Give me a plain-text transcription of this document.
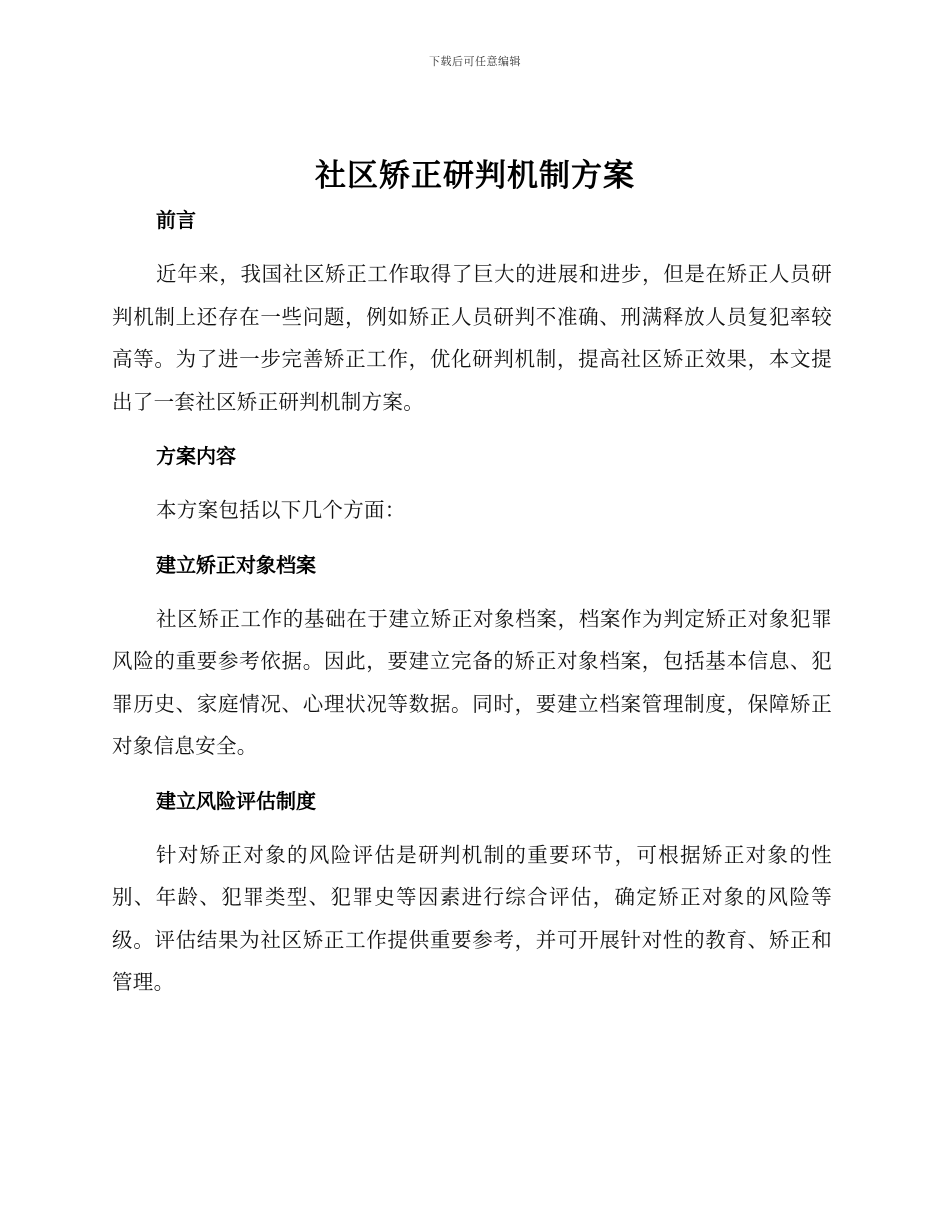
下载后可任意编辑
社区矫正研判机制方案

前言

近年来，我国社区矫正工作取得了巨大的进展和进步，但是在矫正人员研判机制上还存在一些问题，例如矫正人员研判不准确、刑满释放人员复犯率较高等。为了进一步完善矫正工作，优化研判机制，提高社区矫正效果，本文提出了一套社区矫正研判机制方案。

方案内容

本方案包括以下几个方面：

建立矫正对象档案

社区矫正工作的基础在于建立矫正对象档案，档案作为判定矫正对象犯罪风险的重要参考依据。因此，要建立完备的矫正对象档案，包括基本信息、犯罪历史、家庭情况、心理状况等数据。同时，要建立档案管理制度，保障矫正对象信息安全。

建立风险评估制度

针对矫正对象的风险评估是研判机制的重要环节，可根据矫正对象的性别、年龄、犯罪类型、犯罪史等因素进行综合评估，确定矫正对象的风险等级。评估结果为社区矫正工作提供重要参考，并可开展针对性的教育、矫正和管理。
